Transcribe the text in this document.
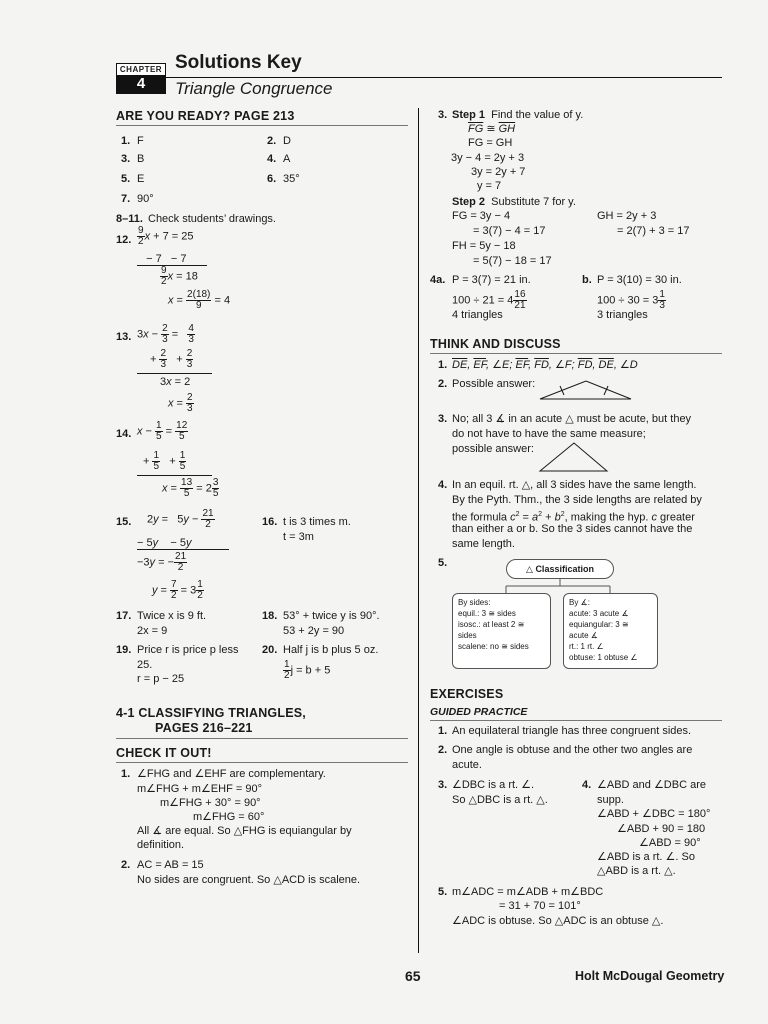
CHAPTER
4
Solutions Key
Triangle Congruence
ARE YOU READY? PAGE 213
1. F	2. D
3. B	4. A
5. E	6. 35°
7. 90°
8–11. Check students’ drawings.
12. $\frac{9}{2}$ x + 7 = 25
− 7   − 7
$\frac{9}{2}$ x = 18
$x = \frac{2(18)}{9} = 4$
13. $3x - \frac{2}{3} = \frac{4}{3}$
+ $\frac{2}{3} + \frac{2}{3}$
3x = 2
$x = \frac{2}{3}$
14. $x - \frac{1}{5} = \frac{12}{5}$
+ $\frac{1}{5} + \frac{1}{5}$
$x = \frac{13}{5} = 2 \frac{3}{5}$
15. $2y = 5y - \frac{21}{2}$
− 5y    − 5y
−3y = − $\frac{21}{2}$
$y = \frac{7}{2} = 3 \frac{1}{2}$
16. t is 3 times m.
t = 3m
17. Twice x is 9 ft.
2x = 9
18. 53° + twice y is 90°.
53 + 2y = 90
19. Price r is price p less
25.
r = p − 25
20. Half j is b plus 5 oz.
$\frac{1}{2}$ j = b + 5
4-1 CLASSIFYING TRIANGLES,
PAGES 216–221
CHECK IT OUT!
1. ∠FHG and ∠EHF are complementary.
m∠FHG + m∠EHF = 90°
m∠FHG + 30° = 90°
m∠FHG = 60°
All ∡ are equal. So △FHG is equiangular by
definition.
2. AC = AB = 15
No sides are congruent. So △ACD is scalene.
3. Step 1 Find the value of y.
$\overline{FG}$ ≅ $\overline{GH}$
FG = GH
3y − 4 = 2y + 3
3y = 2y + 7
y = 7
Step 2 Substitute 7 for y.
FG = 3y − 4
= 3(7) − 4 = 17
GH = 2y + 3
= 2(7) + 3 = 17
FH = 5y − 18
= 5(7) − 18 = 17
4a. P = 3(7) = 21 in.
$100 \div 21 = 4 \frac{16}{21}$
4 triangles
b. P = 3(10) = 30 in.
$100 \div 30 = 3 \frac{1}{3}$
3 triangles
THINK AND DISCUSS
1. $\overline{DE}$, $\overline{EF}$, ∠E; $\overline{EF}$, $\overline{FD}$, ∠F; $\overline{FD}$, $\overline{DE}$, ∠D
2. Possible answer:
3. No; all 3 ∡ in an acute △ must be acute, but they
do not have to have the same measure;
possible answer:
4. In an equil. rt. △, all 3 sides have the same length.
By the Pyth. Thm., the 3 side lengths are related by
the formula $c^2 = a^2 + b^2$, making the hyp. c greater
than either a or b. So the 3 sides cannot have the
same length.
5.	△ Classification
By sides:
equil.: 3 ≅ sides
isosc.: at least 2 ≅ sides
scalene: no ≅ sides
By ∡:
acute: 3 acute ∡
equiangular: 3 ≅
acute ∡
rt.: 1 rt. ∠
obtuse: 1 obtuse ∠
EXERCISES
GUIDED PRACTICE
1. An equilateral triangle has three congruent sides.
2. One angle is obtuse and the other two angles are
acute.
3. ∠DBC is a rt. ∠.
So △DBC is a rt. △.
4. ∠ABD and ∠DBC are
supp.
∠ABD + ∠DBC = 180°
∠ABD + 90 = 180
∠ABD = 90°
∠ABD is a rt. ∠. So
△ABD is a rt. △.
5. m∠ADC = m∠ADB + m∠BDC
= 31 + 70 = 101°
∠ADC is obtuse. So △ADC is an obtuse △.
65	Holt McDougal Geometry
